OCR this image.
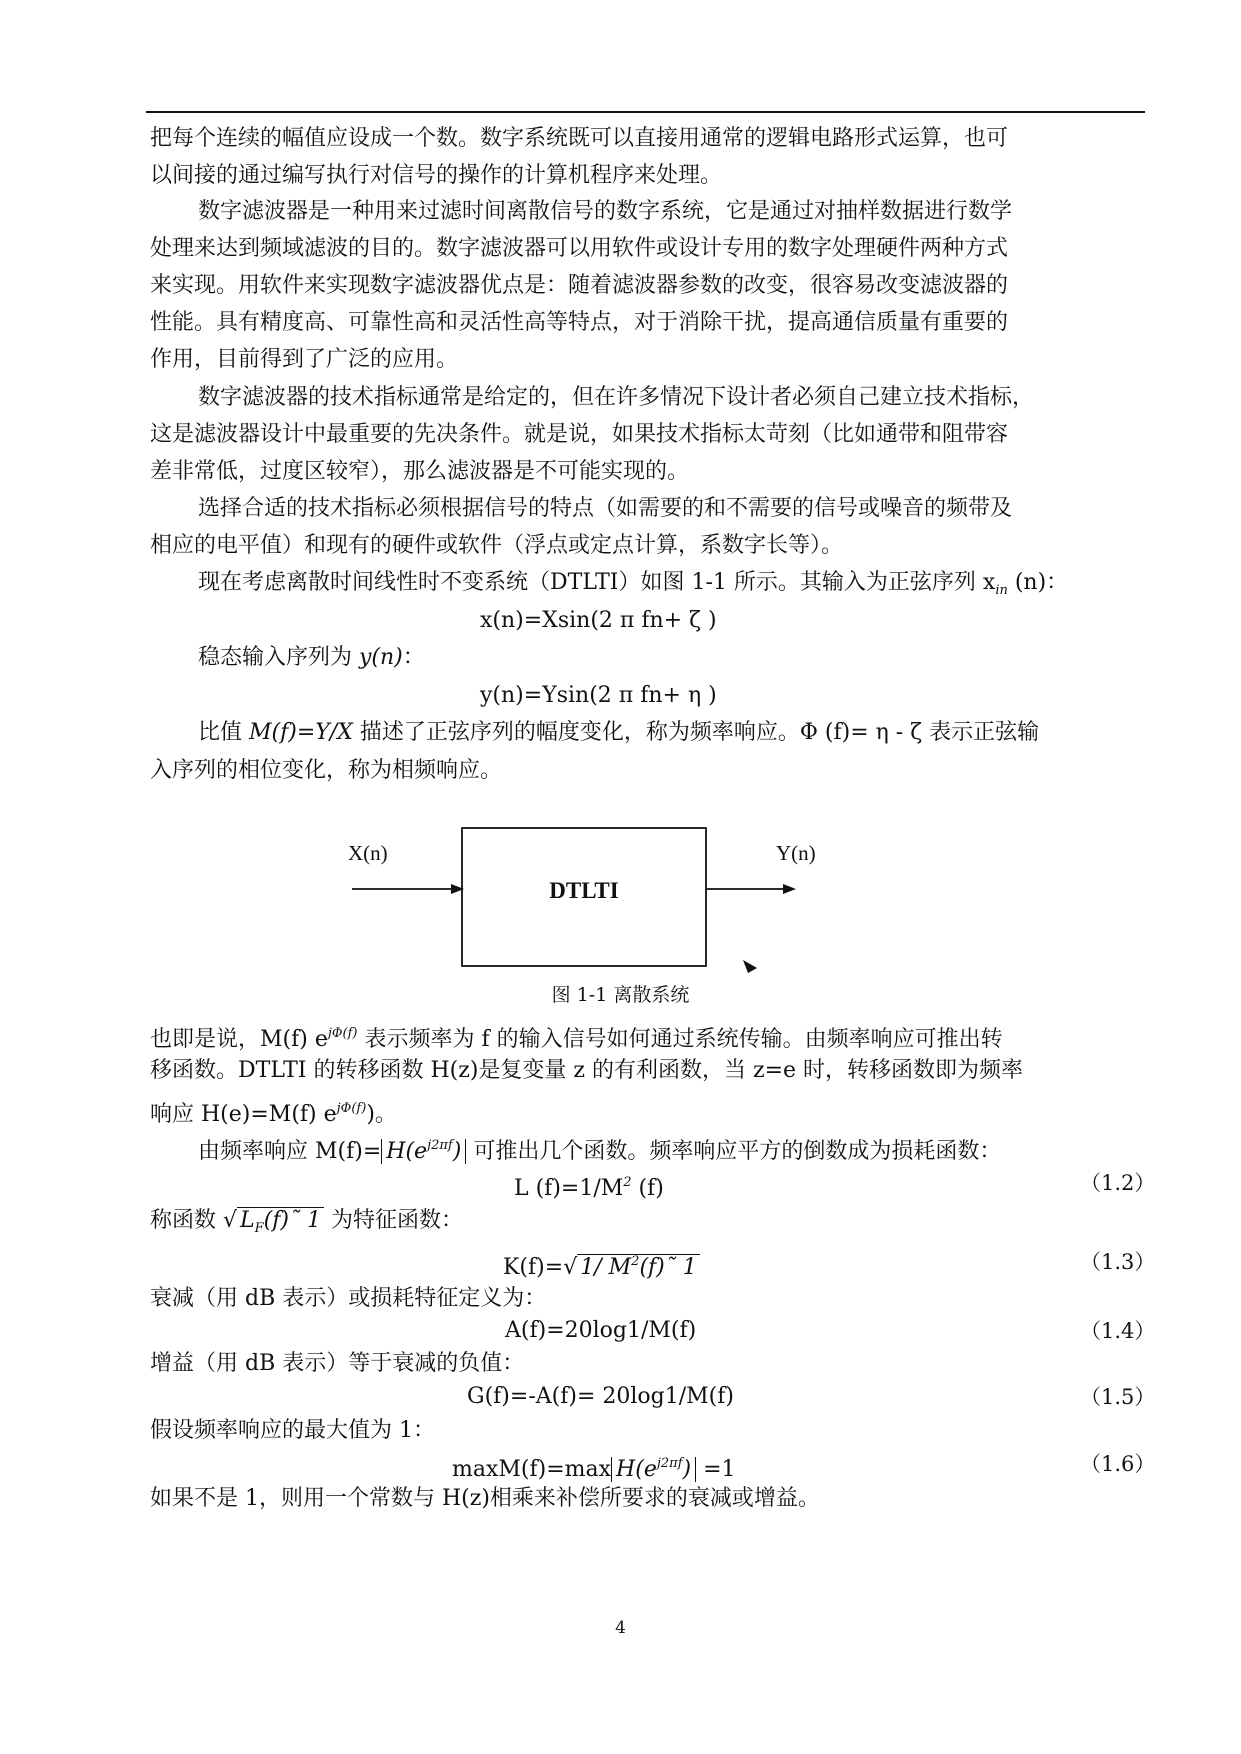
把每个连续的幅值应设成一个数。数字系统既可以直接用通常的逻辑电路形式运算，也可
以间接的通过编写执行对信号的操作的计算机程序来处理。
数字滤波器是一种用来过滤时间离散信号的数字系统，它是通过对抽样数据进行数学
处理来达到频域滤波的目的。数字滤波器可以用软件或设计专用的数字处理硬件两种方式
来实现。用软件来实现数字滤波器优点是：随着滤波器参数的改变，很容易改变滤波器的
性能。具有精度高、可靠性高和灵活性高等特点，对于消除干扰，提高通信质量有重要的
作用，目前得到了广泛的应用。
数字滤波器的技术指标通常是给定的，但在许多情况下设计者必须自己建立技术指标，
这是滤波器设计中最重要的先决条件。就是说，如果技术指标太苛刻（比如通带和阻带容
差非常低，过度区较窄），那么滤波器是不可能实现的。
选择合适的技术指标必须根据信号的特点（如需要的和不需要的信号或噪音的频带及
相应的电平值）和现有的硬件或软件（浮点或定点计算，系数字长等）。
现在考虑离散时间线性时不变系统（DTLTI）如图 1-1 所示。其输入为正弦序列 $x_{in}$ (n)：
x(n)=Xsin(2 π fn+ ζ )
稳态输入序列为 y(n)：
y(n)=Ysin(2 π fn+ η )
比值 M(f)=Y/X 描述了正弦序列的幅度变化，称为频率响应。Φ (f)= η - ζ 表示正弦输
入序列的相位变化，称为相频响应。
X(n)
DTLTI
Y(n)
图 1-1 离散系统
也即是说，M(f) $e^{j\Phi(f)}$ 表示频率为 f 的输入信号如何通过系统传输。由频率响应可推出转
移函数。DTLTI 的转移函数 H(z)是复变量 z 的有利函数，当 z=e 时，转移函数即为频率
响应 H(e)=M(f) $e^{j\Phi(f)}$)。
由频率响应 $M(f)= H(e^{j2\pi f})$ 可推出几个函数。频率响应平方的倒数成为损耗函数：
L $(f)=1/M^2$ (f)	（1.2）
称函数 √ $L_F(f)˜$ 1 为特征函数：
K(f)=√ 1/ $M^2(f)˜$ 1	（1.3）
衰减（用 dB 表示）或损耗特征定义为：
A(f)=20log1/M(f)	（1.4）
增益（用 dB 表示）等于衰减的负值：
G(f)=-A(f)= 20log1/M(f)	（1.5）
假设频率响应的最大值为 1：
maxM(f)=max $H(e^{j2\pi f}) =1$	（1.6）
如果不是 1，则用一个常数与 H(z)相乘来补偿所要求的衰减或增益。
4
